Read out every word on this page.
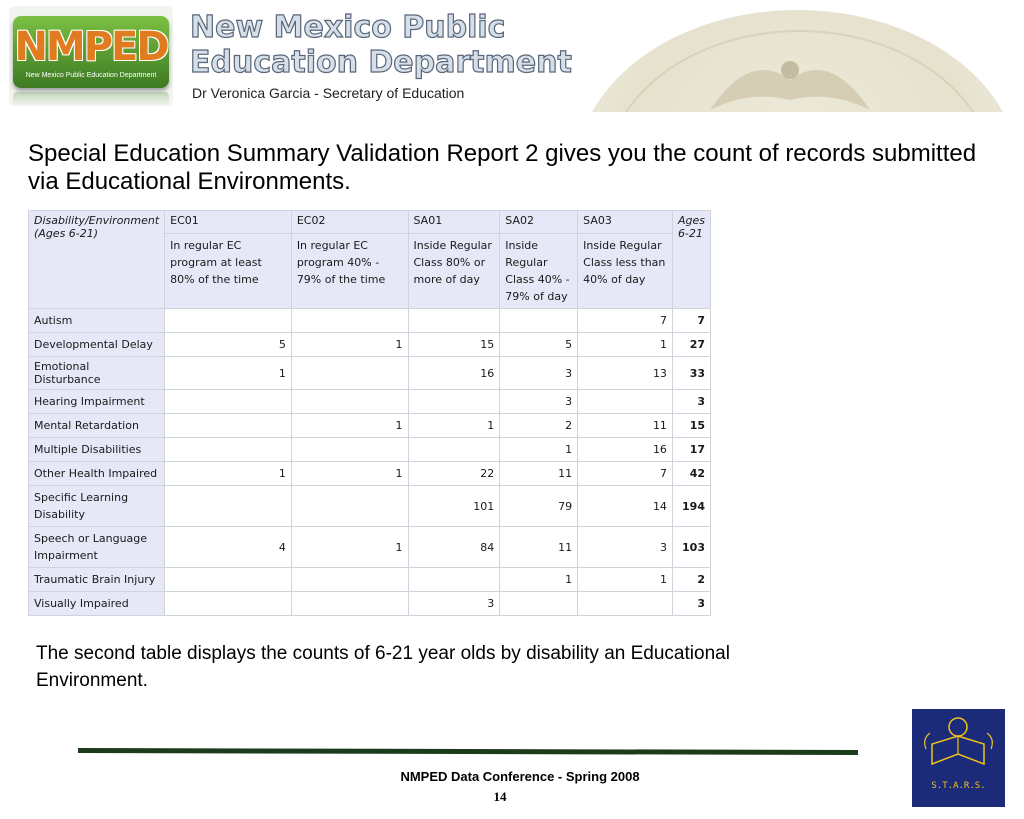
NMPED
New Mexico Public Education Department
New Mexico Public
Education Department
Dr Veronica Garcia - Secretary of Education
Special Education Summary Validation Report 2 gives you the count of records submitted via Educational Environments.
Disability/Environment
(Ages 6-21)	EC01	EC02	SA01	SA02	SA03	Ages 6-21
	In regular EC program at least 80% of the time	In regular EC program 40% - 79% of the time	Inside Regular Class 80% or more of day	Inside Regular Class 40% - 79% of day	Inside Regular Class less than 40% of day	
Autism					7	7
Developmental Delay	5	1	15	5	1	27
Emotional Disturbance	1		16	3	13	33
Hearing Impairment				3		3
Mental Retardation		1	1	2	11	15
Multiple Disabilities				1	16	17
Other Health Impaired	1	1	22	11	7	42
Specific Learning Disability			101	79	14	194
Speech or Language Impairment	4	1	84	11	3	103
Traumatic Brain Injury				1	1	2
Visually Impaired			3			3
The second table displays the counts of 6-21 year olds by disability an Educational Environment.
NMPED Data Conference - Spring 2008
14
S.T.A.R.S.
